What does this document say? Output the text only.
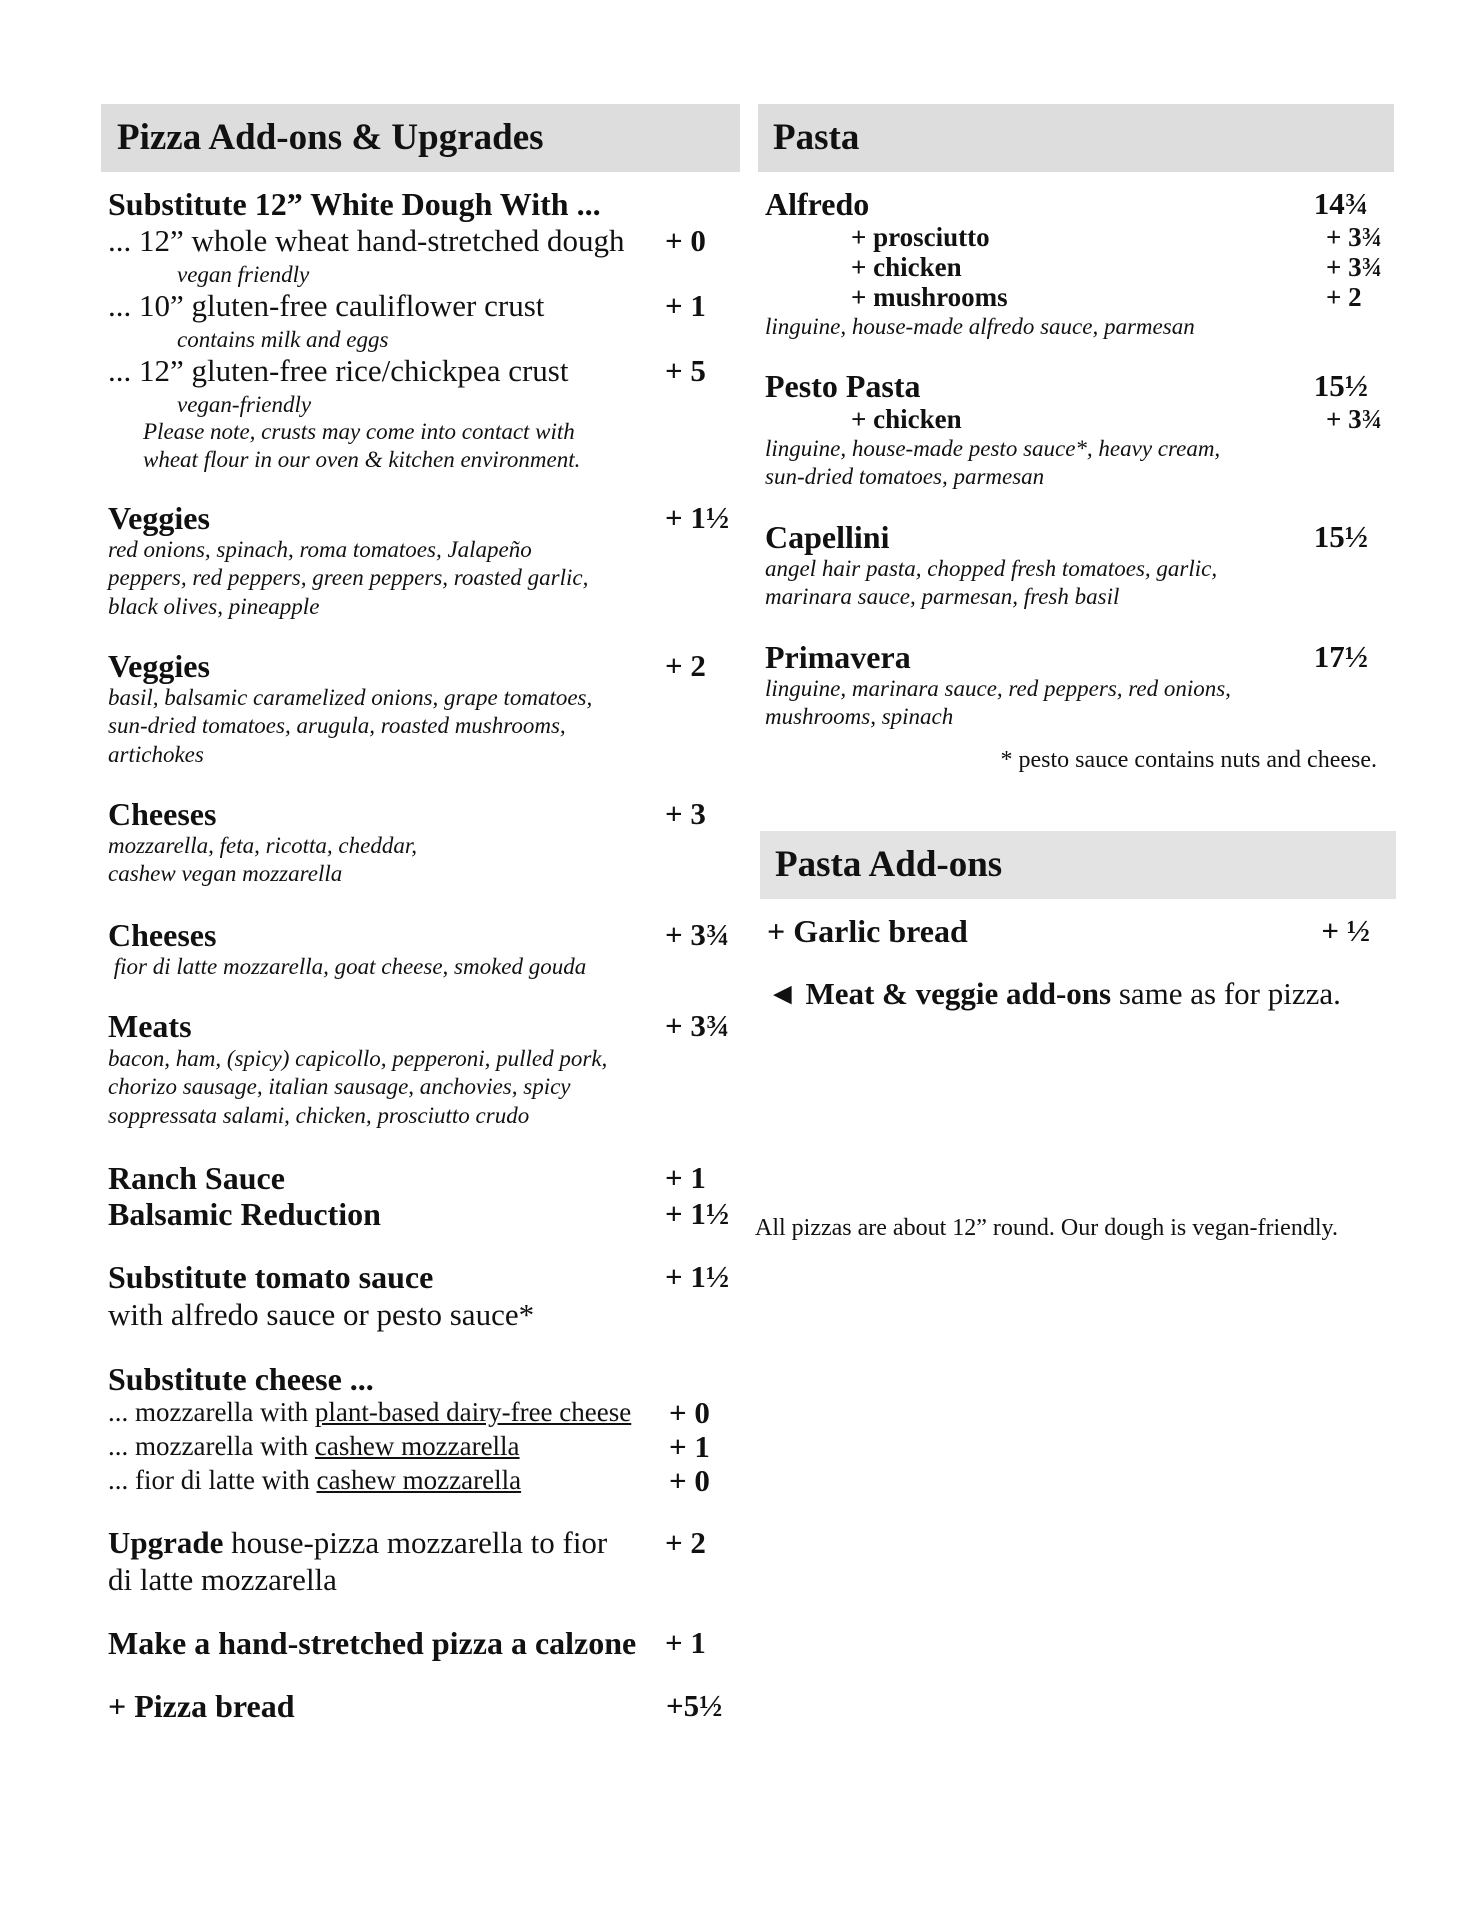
Pizza Add-ons & Upgrades
Substitute 12” White Dough With ...
... 12” whole wheat hand-stretched dough + 0
vegan friendly
... 10” gluten-free cauliflower crust	+ 1
contains milk and eggs
... 12” gluten-free rice/chickpea crust	+ 5
vegan-friendly
Please note, crusts may come into contact with
wheat flour in our oven & kitchen environment.
Veggies	+ 1½
red onions, spinach, roma tomatoes, Jalapeño
peppers, red peppers, green peppers, roasted garlic,
black olives, pineapple
Veggies	+ 2
basil, balsamic caramelized onions, grape tomatoes,
sun-dried tomatoes, arugula, roasted mushrooms,
artichokes
Cheeses	+ 3
mozzarella, feta, ricotta, cheddar,
cashew vegan mozzarella
Cheeses	+ 3¾
fior di latte mozzarella, goat cheese, smoked gouda
Meats	+ 3¾
bacon, ham, (spicy) capicollo, pepperoni, pulled pork,
chorizo sausage, italian sausage, anchovies, spicy
soppressata salami, chicken, prosciutto crudo
Ranch Sauce	+ 1
Balsamic Reduction	+ 1½
Substitute tomato sauce	+ 1½
with alfredo sauce or pesto sauce*
Substitute cheese ...
... mozzarella with plant-based dairy-free cheese + 0
... mozzarella with cashew mozzarella	+ 1
... fior di latte with cashew mozzarella	+ 0
Upgrade house-pizza mozzarella to fior + 2
di latte mozzarella
Make a hand-stretched pizza a calzone + 1
+ Pizza bread	+5½
Pasta
Alfredo	14¾
+ prosciutto	+ 3¾
+ chicken	+ 3¾
+ mushrooms	+ 2
linguine, house-made alfredo sauce, parmesan
Pesto Pasta	15½
+ chicken	+ 3¾
linguine, house-made pesto sauce*, heavy cream,
sun-dried tomatoes, parmesan
Capellini	15½
angel hair pasta, chopped fresh tomatoes, garlic,
marinara sauce, parmesan, fresh basil
Primavera	17½
linguine, marinara sauce, red peppers, red onions,
mushrooms, spinach
* pesto sauce contains nuts and cheese.
Pasta Add-ons
+ Garlic bread	+ ½
◄ Meat & veggie add-ons same as for pizza.
All pizzas are about 12” round. Our dough is vegan-friendly.
